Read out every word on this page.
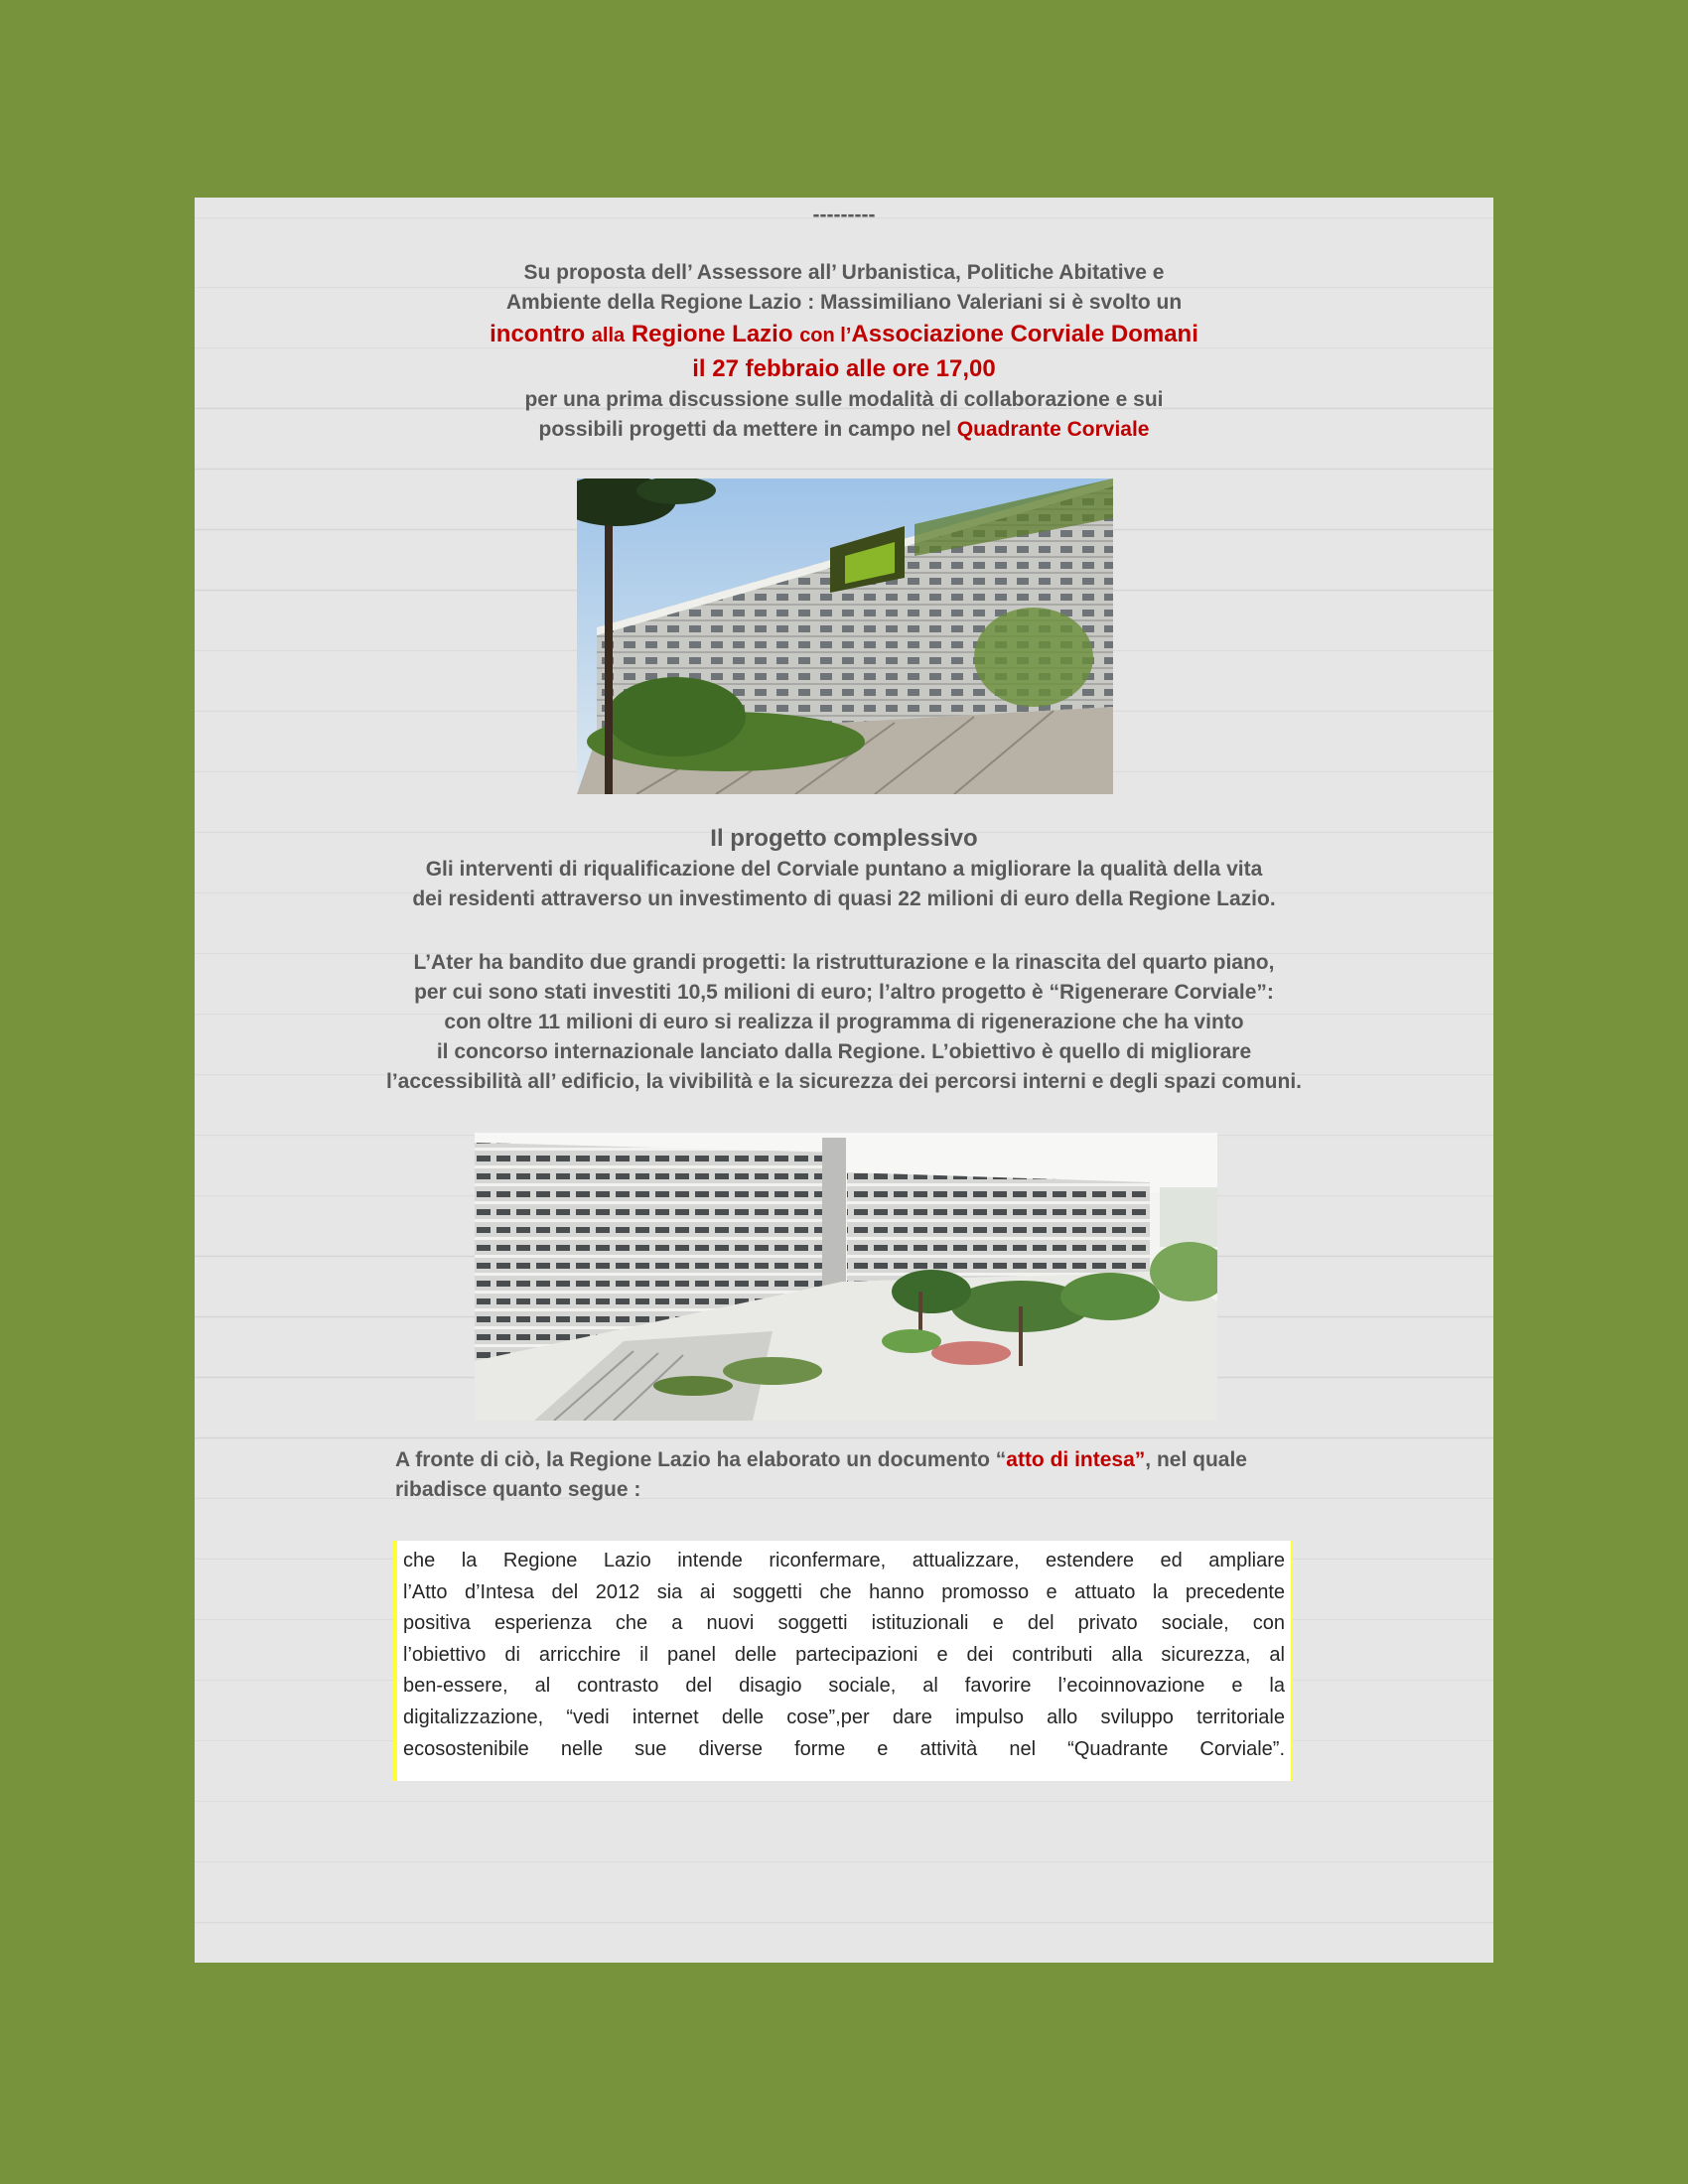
---------
Su proposta dell’ Assessore all’ Urbanistica, Politiche Abitative e
Ambiente della Regione Lazio : Massimiliano Valeriani si è svolto un
incontro alla Regione Lazio con l’Associazione Corviale Domani
il 27 febbraio alle ore 17,00
per una prima discussione sulle modalità di collaborazione e sui
possibili progetti da mettere in campo nel Quadrante Corviale
Il progetto complessivo
Gli interventi di riqualificazione del Corviale puntano a migliorare la qualità della vita
dei residenti attraverso un investimento di quasi 22 milioni di euro della Regione Lazio.
L’Ater ha bandito due grandi progetti: la ristrutturazione e la rinascita del quarto piano,
per cui sono stati investiti 10,5 milioni di euro; l’altro progetto è “Rigenerare Corviale”:
con oltre 11 milioni di euro si realizza il programma di rigenerazione che ha vinto
il concorso internazionale lanciato dalla Regione. L’obiettivo è quello di migliorare
l’accessibilità all’ edificio, la vivibilità e la sicurezza dei percorsi interni e degli spazi comuni.
A fronte di ciò, la Regione Lazio ha elaborato un documento “atto di intesa”, nel quale
ribadisce quanto segue :

che la Regione Lazio intende riconfermare, attualizzare, estendere ed ampliare

l’Atto d’Intesa del 2012 sia ai soggetti che hanno promosso e attuato la precedente

positiva esperienza che a nuovi soggetti istituzionali e del privato sociale, con

l’obiettivo di arricchire il panel delle partecipazioni e dei contributi alla sicurezza, al

ben-essere, al contrasto del disagio sociale, al favorire l’ecoinnovazione e la

digitalizzazione, “vedi internet delle cose”,per dare impulso allo sviluppo territoriale

ecosostenibile nelle sue diverse forme e attività nel “Quadrante Corviale”.
